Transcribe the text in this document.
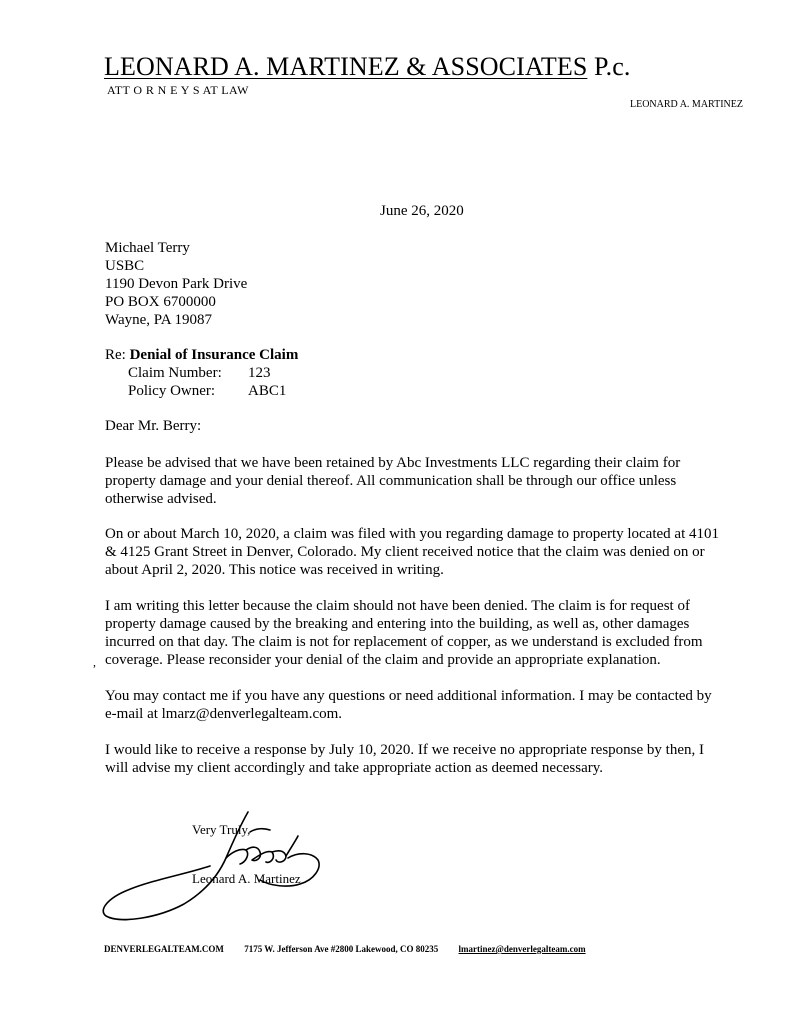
LEONARD A. MARTINEZ & ASSOCIATES P.c.
ATT O R N E Y S AT LAW
LEONARD A. MARTINEZ
June 26, 2020
Michael Terry
USBC
1190 Devon Park Drive
PO BOX 6700000
Wayne, PA 19087
Re: Denial of Insurance Claim
Claim Number:	123
Policy Owner:	ABC1
Dear Mr. Berry:
Please be advised that we have been retained by Abc Investments LLC regarding their claim for
property damage and your denial thereof. All communication shall be through our office unless
otherwise advised.
On or about March 10, 2020, a claim was filed with you regarding damage to property located at 4101
& 4125 Grant Street in Denver, Colorado. My client received notice that the claim was denied on or
about April 2, 2020. This notice was received in writing.
I am writing this letter because the claim should not have been denied. The claim is for request of
property damage caused by the breaking and entering into the building, as well as, other damages
incurred on that day. The claim is not for replacement of copper, as we understand is excluded from
coverage. Please reconsider your denial of the claim and provide an appropriate explanation.
,
You may contact me if you have any questions or need additional information. I may be contacted by
e-mail at lmarz@denverlegalteam.com.
I would like to receive a response by July 10, 2020. If we receive no appropriate response by then, I
will advise my client accordingly and take appropriate action as deemed necessary.
Very Truly,
Leonard A. Martinez
DENVERLEGALTEAM.COM 7175 W. Jefferson Ave #2800 Lakewood, CO 80235 lmartinez@denverlegalteam.com
